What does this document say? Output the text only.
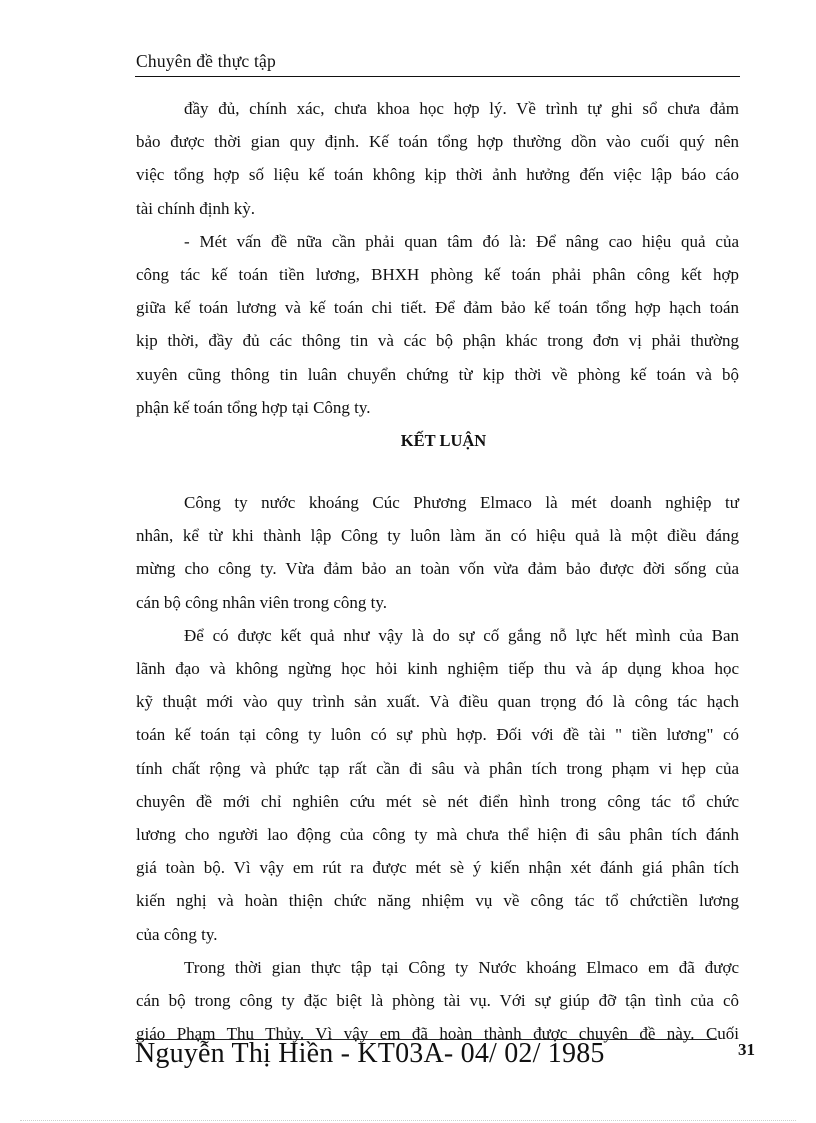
Chuyên đề thực tập
đầy đủ, chính xác, chưa khoa học hợp lý. Về trình tự ghi sổ chưa đảm
bảo được thời gian quy định. Kế toán tổng hợp thường dồn vào cuối quý nên
việc tổng hợp số liệu kế toán không kịp thời ảnh hưởng đến việc lập báo cáo
tài chính định kỳ.
- Mét vấn đề nữa cần phải quan tâm đó là: Để nâng cao hiệu quả của
công tác kế toán tiền lương, BHXH phòng kế toán phải phân công kết hợp
giữa kế toán lương và kế toán chi tiết. Để đảm bảo kế toán tổng hợp hạch toán
kịp thời, đầy đủ các thông tin và các bộ phận khác trong đơn vị phải thường
xuyên cũng thông tin luân chuyển chứng từ kịp thời về phòng kế toán và bộ
phận kế toán tổng hợp tại Công ty.
KẾT LUẬN
Công ty nước khoáng Cúc Phương Elmaco là mét doanh nghiệp tư
nhân, kể từ khi thành lập Công ty luôn làm ăn có hiệu quả là một điều đáng
mừng cho công ty. Vừa đảm bảo an toàn vốn vừa đảm bảo được đời sống của
cán bộ công nhân viên trong công ty.
Để có được kết quả như vậy là do sự cố gắng nỗ lực hết mình của Ban
lãnh đạo và không ngừng học hỏi kinh nghiệm tiếp thu và áp dụng khoa học
kỹ thuật mới vào quy trình sản xuất. Và điều quan trọng đó là công tác hạch
toán kế toán tại công ty luôn có sự phù hợp. Đối với đề tài " tiền lương" có
tính chất rộng và phức tạp rất cần đi sâu và phân tích trong phạm vi hẹp của
chuyên đề mới chỉ nghiên cứu mét sè nét điển hình trong công tác tổ chức
lương cho người lao động của công ty mà chưa thể hiện đi sâu phân tích đánh
giá toàn bộ. Vì vậy em rút ra được mét sè ý kiến nhận xét đánh giá phân tích
kiến nghị và hoàn thiện chức năng nhiệm vụ về công tác tổ chứctiền lương
của công ty.
Trong thời gian thực tập tại Công ty Nước khoáng Elmaco em đã được
cán bộ trong công ty đặc biệt là phòng tài vụ. Với sự giúp đỡ tận tình của cô
giáo Phạm Thu Thủy. Vì vậy em đã hoàn thành được chuyên đề này. Cuối
Nguyễn Thị Hiền - KT03A- 04/ 02/ 1985	31
